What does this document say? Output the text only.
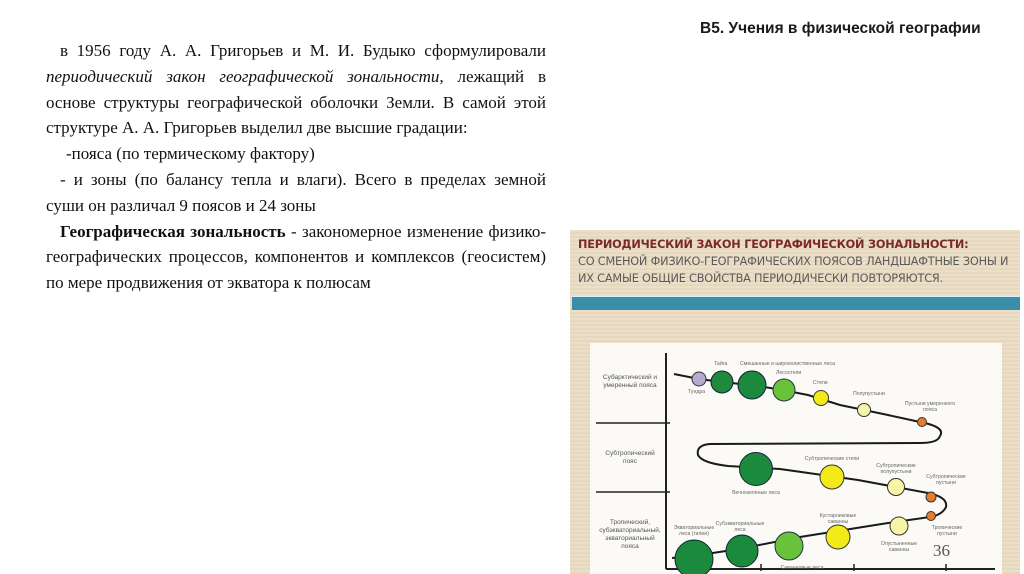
В5. Учения в физической географии

в 1956 году А. А. Григорьев и М. И. Будыко сформулировали периодический закон географической зональности, лежащий в основе структуры географической оболочки Земли. В самой этой структуре А. А. Григорьев выделил две высшие градации:

-пояса (по термическому фактору)

- и зоны (по балансу тепла и влаги). Всего в пределах земной суши он различал 9 поясов и 24 зоны

Географическая зональность - закономерное изменение физико-географических процессов, компонентов и комплексов (геосистем) по мере продвижения от экватора к полюсам

ПЕРИОДИЧЕСКИЙ ЗАКОН ГЕОГРАФИЧЕСКОЙ ЗОНАЛЬНОСТИ:
СО СМЕНОЙ ФИЗИКО-ГЕОГРАФИЧЕСКИХ ПОЯСОВ ЛАНДШАФТНЫЕ ЗОНЫ И ИХ САМЫЕ ОБЩИЕ СВОЙСТВА ПЕРИОДИЧЕСКИ ПОВТОРЯЮТСЯ.
Субарктический и
умеренный пояса
Субтропический
пояс
Тропический,
субэкваториальный,
экваториальный
пояса
Тундра
Тайга Смешанные и широколиственные леса
Лесостепи
Степи
Полупустыни
Пустыни умеренного
пояса
Вечнозеленые леса
Субтропические степи
Субтропические
полупустыни
Субтропические
пустыни
Экваториальные
леса (гилеи)
Субэкваториальные
леса
Саванновые леса
Кустарниковые
саванны
Опустыненные
саванны
Тропические
пустыни
36
